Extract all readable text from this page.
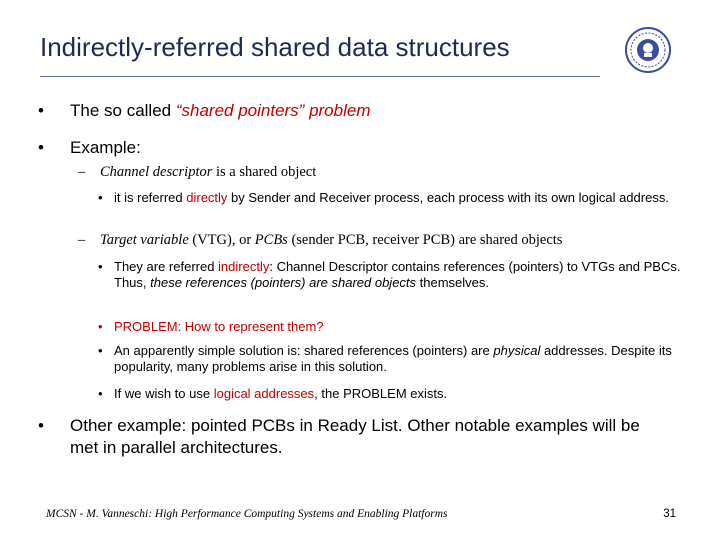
Indirectly-referred shared data structures
• The so called “shared pointers” problem
• Example:
– Channel descriptor is a shared object
• it is referred directly by Sender and Receiver process, each process with its own logical address.
– Target variable (VTG), or PCBs (sender PCB, receiver PCB) are shared objects
• They are referred indirectly: Channel Descriptor contains references (pointers) to VTGs and PBCs. Thus, these references (pointers) are shared objects themselves.
• PROBLEM: How to represent them?
• An apparently simple solution is: shared references (pointers) are physical addresses. Despite its popularity, many problems arise in this solution.
• If we wish to use logical addresses, the PROBLEM exists.
• Other example: pointed PCBs in Ready List. Other notable examples will be
met in parallel architectures.
MCSN - M. Vanneschi: High Performance Computing Systems and Enabling Platforms	31
